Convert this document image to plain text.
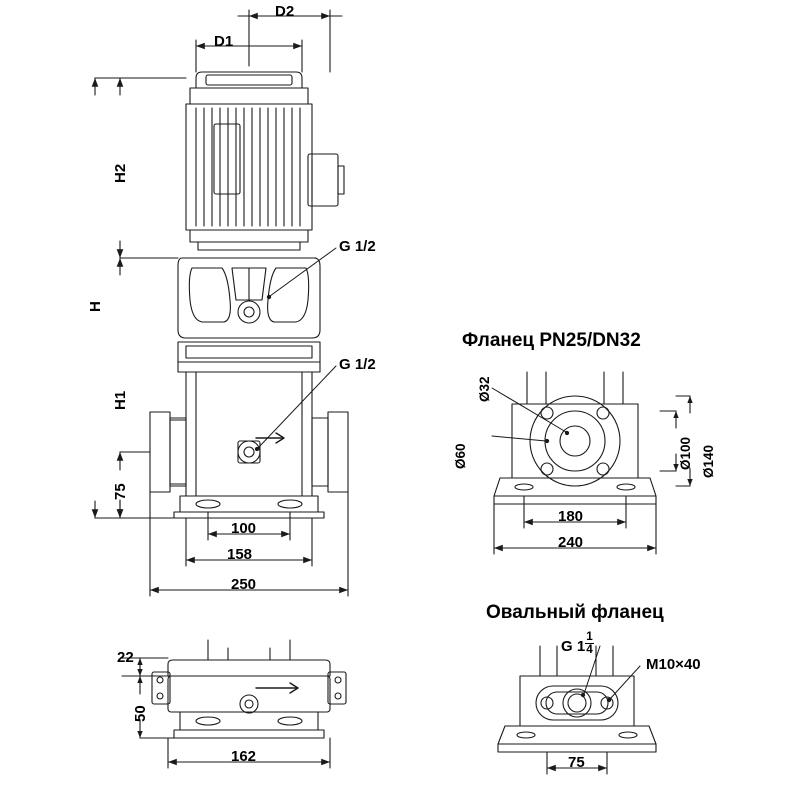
D2
D1
H2
H1
H
75
100
158
250
G 1/2
G 1/2
22
50
162
Фланец PN25/DN32
Ø32
Ø60	Ø100 Ø140
180
240
Овальный фланец
G $1 \frac{1}{4}$
M10×40
75
